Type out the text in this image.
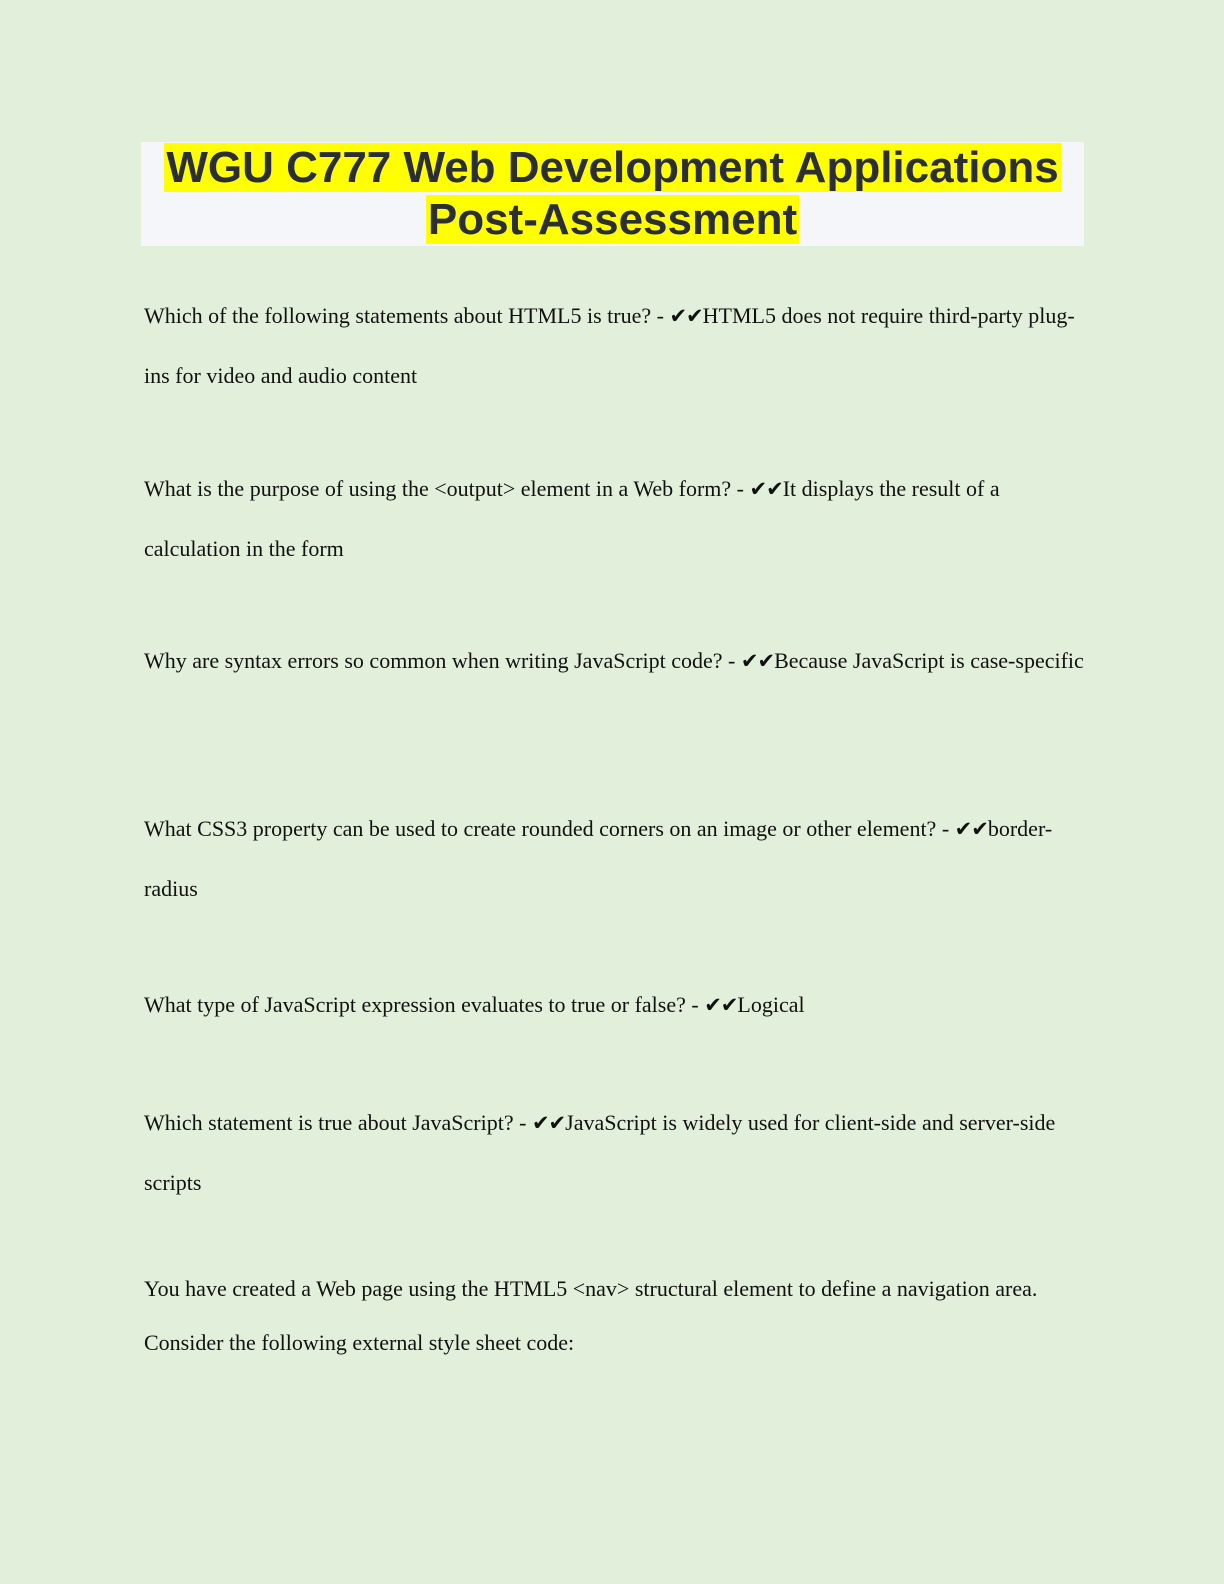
WGU C777 Web Development Applications
Post-Assessment

Which of the following statements about HTML5 is true? - ✔✔HTML5 does not require third-party plug-ins for video and audio content

What is the purpose of using the <output> element in a Web form? - ✔✔It displays the result of a calculation in the form

Why are syntax errors so common when writing JavaScript code? - ✔✔Because JavaScript is case-specific

What CSS3 property can be used to create rounded corners on an image or other element? - ✔✔border-radius

What type of JavaScript expression evaluates to true or false? - ✔✔Logical

Which statement is true about JavaScript? - ✔✔JavaScript is widely used for client-side and server-side scripts

You have created a Web page using the HTML5 <nav> structural element to define a navigation area. Consider the following external style sheet code:
